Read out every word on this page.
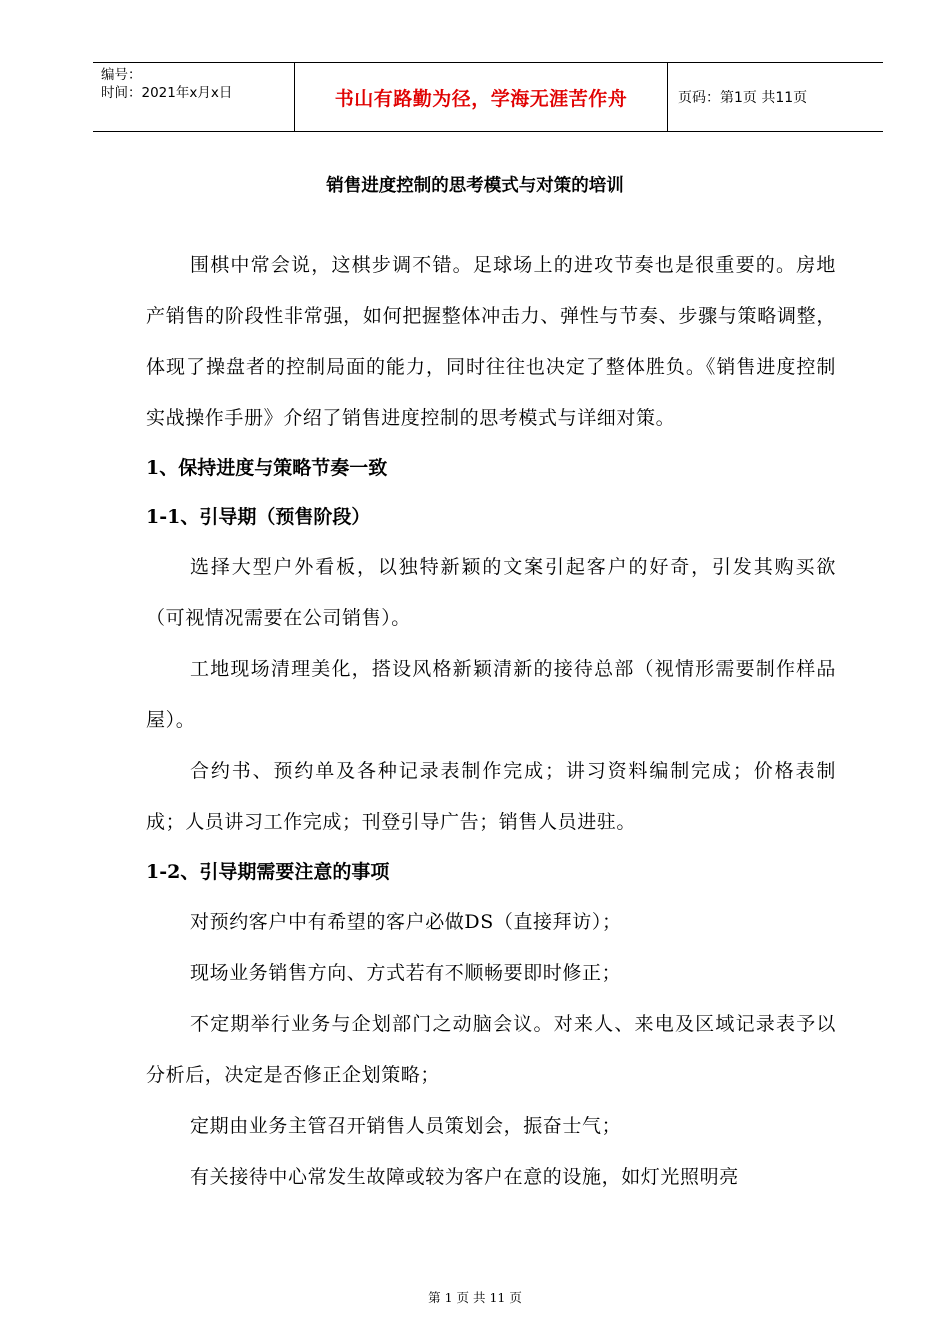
编号：
时间：2021年x月x日	书山有路勤为径，学海无涯苦作舟	页码：第1页 共11页
销售进度控制的思考模式与对策的培训

围棋中常会说，这棋步调不错。足球场上的进攻节奏也是很重要的。房地产销售的阶段性非常强，如何把握整体冲击力、弹性与节奏、步骤与策略调整，体现了操盘者的控制局面的能力，同时往往也决定了整体胜负。《销售进度控制实战操作手册》介绍了销售进度控制的思考模式与详细对策。

1、保持进度与策略节奏一致

1-1、引导期（预售阶段）

选择大型户外看板，以独特新颖的文案引起客户的好奇，引发其购买欲（可视情况需要在公司销售）。

工地现场清理美化，搭设风格新颖清新的接待总部（视情形需要制作样品屋）。

合约书、预约单及各种记录表制作完成；讲习资料编制完成；价格表制成；人员讲习工作完成；刊登引导广告；销售人员进驻。

1-2、引导期需要注意的事项

对预约客户中有希望的客户必做DS（直接拜访）；

现场业务销售方向、方式若有不顺畅要即时修正；

不定期举行业务与企划部门之动脑会议。对来人、来电及区域记录表予以分析后，决定是否修正企划策略；

定期由业务主管召开销售人员策划会，振奋士气；

有关接待中心常发生故障或较为客户在意的设施，如灯光照明亮

第 1 页 共 11 页
